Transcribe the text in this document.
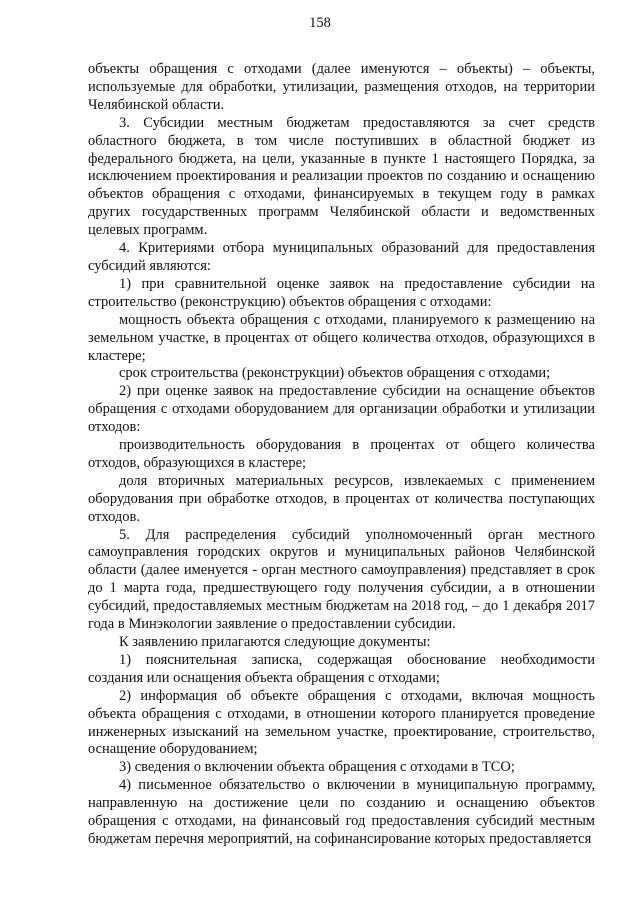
158

объекты обращения с отходами (далее именуются – объекты) – объекты, используемые для обработки, утилизации, размещения отходов, на территории Челябинской области.

3. Субсидии местным бюджетам предоставляются за счет средств областного бюджета, в том числе поступивших в областной бюджет из федерального бюджета, на цели, указанные в пункте 1 настоящего Порядка, за исключением проектирования и реализации проектов по созданию и оснащению объектов обращения с отходами, финансируемых в текущем году в рамках других государственных программ Челябинской области и ведомственных целевых программ.

4. Критериями отбора муниципальных образований для предоставления субсидий являются:

1) при сравнительной оценке заявок на предоставление субсидии на строительство (реконструкцию) объектов обращения с отходами:

мощность объекта обращения с отходами, планируемого к размещению на земельном участке, в процентах от общего количества отходов, образующихся в кластере;

срок строительства (реконструкции) объектов обращения с отходами;

2) при оценке заявок на предоставление субсидии на оснащение объектов обращения с отходами оборудованием для организации обработки и утилизации отходов:

производительность оборудования в процентах от общего количества отходов, образующихся в кластере;

доля вторичных материальных ресурсов, извлекаемых с применением оборудования при обработке отходов, в процентах от количества поступающих отходов.

5. Для распределения субсидий уполномоченный орган местного самоуправления городских округов и муниципальных районов Челябинской области (далее именуется - орган местного самоуправления) представляет в срок до 1 марта года, предшествующего году получения субсидии, а в отношении субсидий, предоставляемых местным бюджетам на 2018 год, – до 1 декабря 2017 года в Минэкологии заявление о предоставлении субсидии.

К заявлению прилагаются следующие документы:

1) пояснительная записка, содержащая обоснование необходимости создания или оснащения объекта обращения с отходами;

2) информация об объекте обращения с отходами, включая мощность объекта обращения с отходами, в отношении которого планируется проведение инженерных изысканий на земельном участке, проектирование, строительство, оснащение оборудованием;

3) сведения о включении объекта обращения с отходами в ТСО;

4) письменное обязательство о включении в муниципальную программу, направленную на достижение цели по созданию и оснащению объектов обращения с отходами, на финансовый год предоставления субсидий местным бюджетам перечня мероприятий, на софинансирование которых предоставляется
